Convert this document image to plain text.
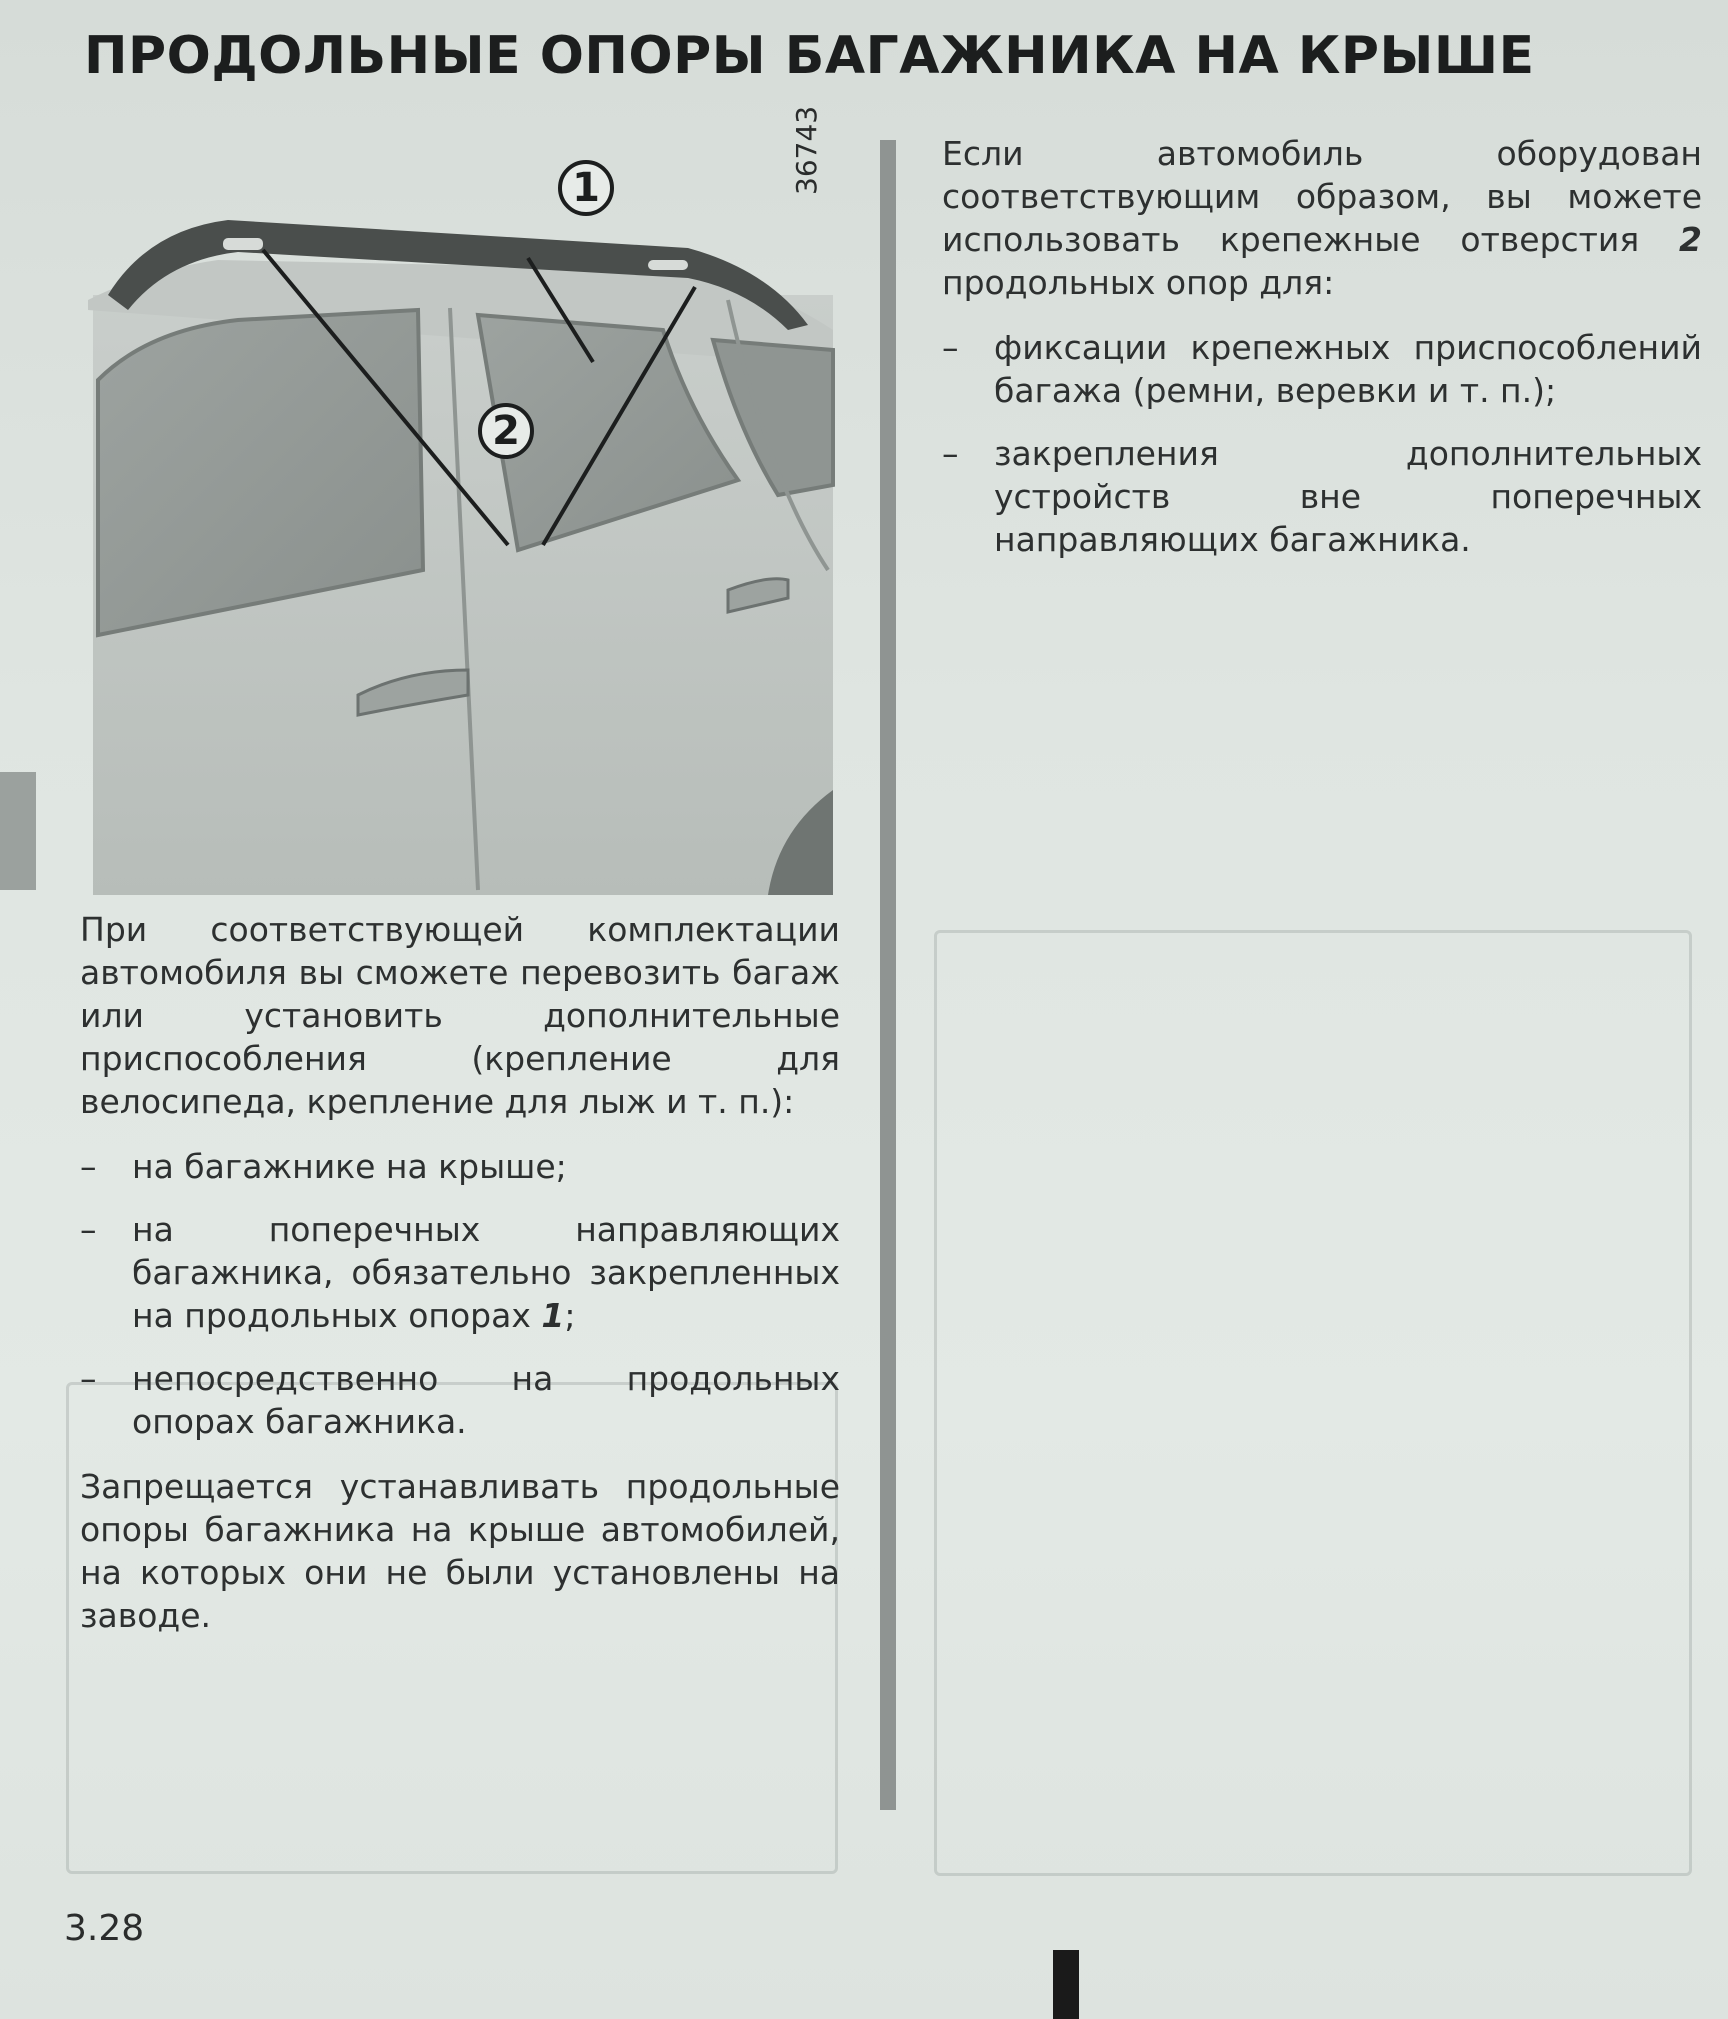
ПРОДОЛЬНЫЕ ОПОРЫ БАГАЖНИКА НА КРЫШЕ
1
2
36743

При соответствующей комплектации автомобиля вы сможете перевозить багаж или установить дополнительные приспособления (крепление для велосипеда, крепление для лыж и т. п.):

– на багажнике на крыше;
– на поперечных направляющих багажника, обязательно закрепленных на продольных опорах 1;
– непосредственно на продольных опорах багажника.

Запрещается устанавливать продольные опоры багажника на крыше автомобилей, на которых они не были установлены на заводе.

Если автомобиль оборудован соответствующим образом, вы можете использовать крепежные отверстия 2 продольных опор для:

– фиксации крепежных приспособлений багажа (ремни, веревки и т. п.);
– закрепления дополнительных устройств вне поперечных направляющих багажника.
3.28
